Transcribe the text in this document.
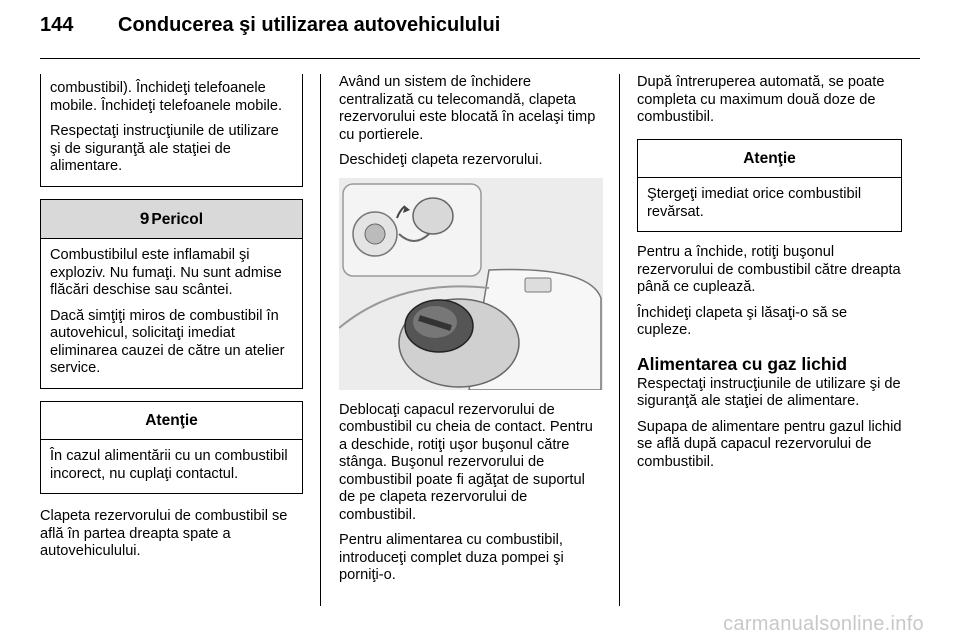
144	Conducerea şi utilizarea autovehiculului

combustibil). Închideţi telefoanele mobile. Închideţi telefoanele mobile.

Respectaţi instrucţiunile de utilizare şi de siguranţă ale staţiei de alimentare.

9 Pericol

Combustibilul este inflamabil şi exploziv. Nu fumaţi. Nu sunt admise flăcări deschise sau scântei.

Dacă simţiţi miros de combustibil în autovehicul, solicitaţi imediat eliminarea cauzei de către un atelier service.

Atenţie

În cazul alimentării cu un combustibil incorect, nu cuplaţi contactul.

Clapeta rezervorului de combustibil se află în partea dreapta spate a autovehiculului.

Având un sistem de închidere centralizată cu telecomandă, clapeta rezervorului este blocată în acelaşi timp cu portierele.

Deschideţi clapeta rezervorului.

Deblocaţi capacul rezervorului de combustibil cu cheia de contact. Pentru a deschide, rotiţi uşor buşonul către stânga. Buşonul rezervorului de combustibil poate fi agăţat de suportul de pe clapeta rezervorului de combustibil.

Pentru alimentarea cu combustibil, introduceţi complet duza pompei şi porniţi-o.

După întreruperea automată, se poate completa cu maximum două doze de combustibil.

Atenţie

Ştergeţi imediat orice combustibil revărsat.

Pentru a închide, rotiţi buşonul rezervorului de combustibil către dreapta până ce cuplează.

Închideţi clapeta şi lăsaţi-o să se cupleze.

Alimentarea cu gaz lichid

Respectaţi instrucţiunile de utilizare şi de siguranţă ale staţiei de alimentare.

Supapa de alimentare pentru gazul lichid se află după capacul rezervorului de combustibil.

carmanualsonline.info
